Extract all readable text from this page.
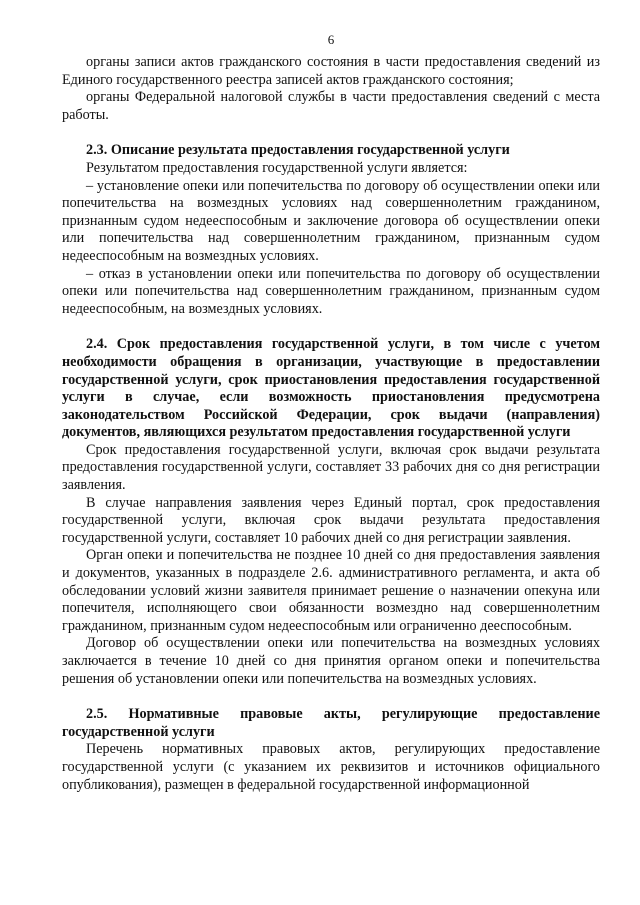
6

органы записи актов гражданского состояния в части предоставления сведений из Единого государственного реестра записей актов гражданского состояния;

органы Федеральной налоговой службы в части предоставления сведений с места работы.

2.3. Описание результата предоставления государственной услуги

Результатом предоставления государственной услуги является:

– установление опеки или попечительства по договору об осуществлении опеки или попечительства на возмездных условиях над совершеннолетним гражданином, признанным судом недееспособным и заключение договора об осуществлении опеки или попечительства над совершеннолетним гражданином, признанным судом недееспособным на возмездных условиях.

– отказ в установлении опеки или попечительства по договору об осуществлении опеки или попечительства над совершеннолетним гражданином, признанным судом недееспособным, на возмездных условиях.

2.4. Срок предоставления государственной услуги, в том числе с учетом необходимости обращения в организации, участвующие в предоставлении государственной услуги, срок приостановления предоставления государственной услуги в случае, если возможность приостановления предусмотрена законодательством Российской Федерации, срок выдачи (направления) документов, являющихся результатом предоставления государственной услуги

Срок предоставления государственной услуги, включая срок выдачи результата предоставления государственной услуги, составляет 33 рабочих дня со дня регистрации заявления.

В случае направления заявления через Единый портал, срок предоставления государственной услуги, включая срок выдачи результата предоставления государственной услуги, составляет 10 рабочих дней со дня регистрации заявления.

Орган опеки и попечительства не позднее 10 дней со дня предоставления заявления и документов, указанных в подразделе 2.6. административного регламента, и акта об обследовании условий жизни заявителя принимает решение о назначении опекуна или попечителя, исполняющего свои обязанности возмездно над совершеннолетним гражданином, признанным судом недееспособным или ограниченно дееспособным.

Договор об осуществлении опеки или попечительства на возмездных условиях заключается в течение 10 дней со дня принятия органом опеки и попечительства решения об установлении опеки или попечительства на возмездных условиях.

2.5. Нормативные правовые акты, регулирующие предоставление государственной услуги

Перечень нормативных правовых актов, регулирующих предоставление государственной услуги (с указанием их реквизитов и источников официального опубликования), размещен в федеральной государственной информационной
